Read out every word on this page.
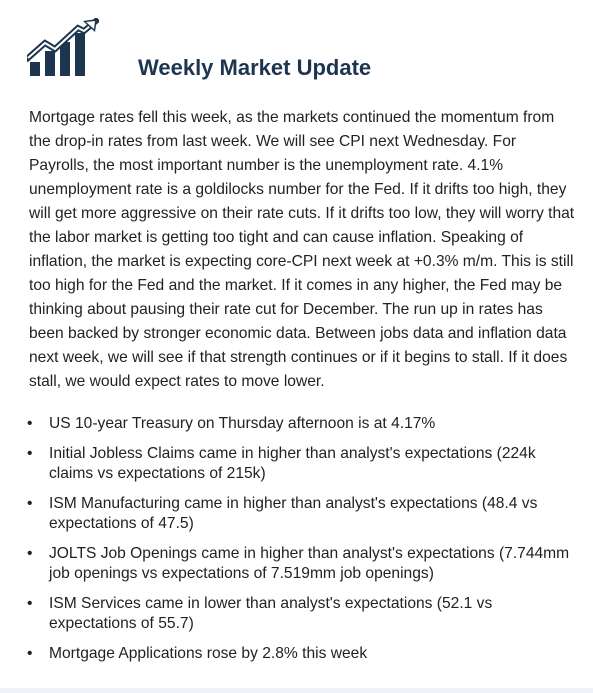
Weekly Market Update

Mortgage rates fell this week, as the markets continued the momentum from the drop-in rates from last week. We will see CPI next Wednesday. For Payrolls, the most important number is the unemployment rate. 4.1% unemployment rate is a goldilocks number for the Fed. If it drifts too high, they will get more aggressive on their rate cuts. If it drifts too low, they will worry that the labor market is getting too tight and can cause inflation. Speaking of inflation, the market is expecting core-CPI next week at +0.3% m/m. This is still too high for the Fed and the market. If it comes in any higher, the Fed may be thinking about pausing their rate cut for December. The run up in rates has been backed by stronger economic data. Between jobs data and inflation data next week, we will see if that strength continues or if it begins to stall. If it does stall, we would expect rates to move lower.

• US 10-year Treasury on Thursday afternoon is at 4.17%
• Initial Jobless Claims came in higher than analyst's expectations (224k claims vs expectations of 215k)
• ISM Manufacturing came in higher than analyst's expectations (48.4 vs expectations of 47.5)
• JOLTS Job Openings came in higher than analyst's expectations (7.744mm job openings vs expectations of 7.519mm job openings)
• ISM Services came in lower than analyst's expectations (52.1 vs expectations of 55.7)
• Mortgage Applications rose by 2.8% this week
